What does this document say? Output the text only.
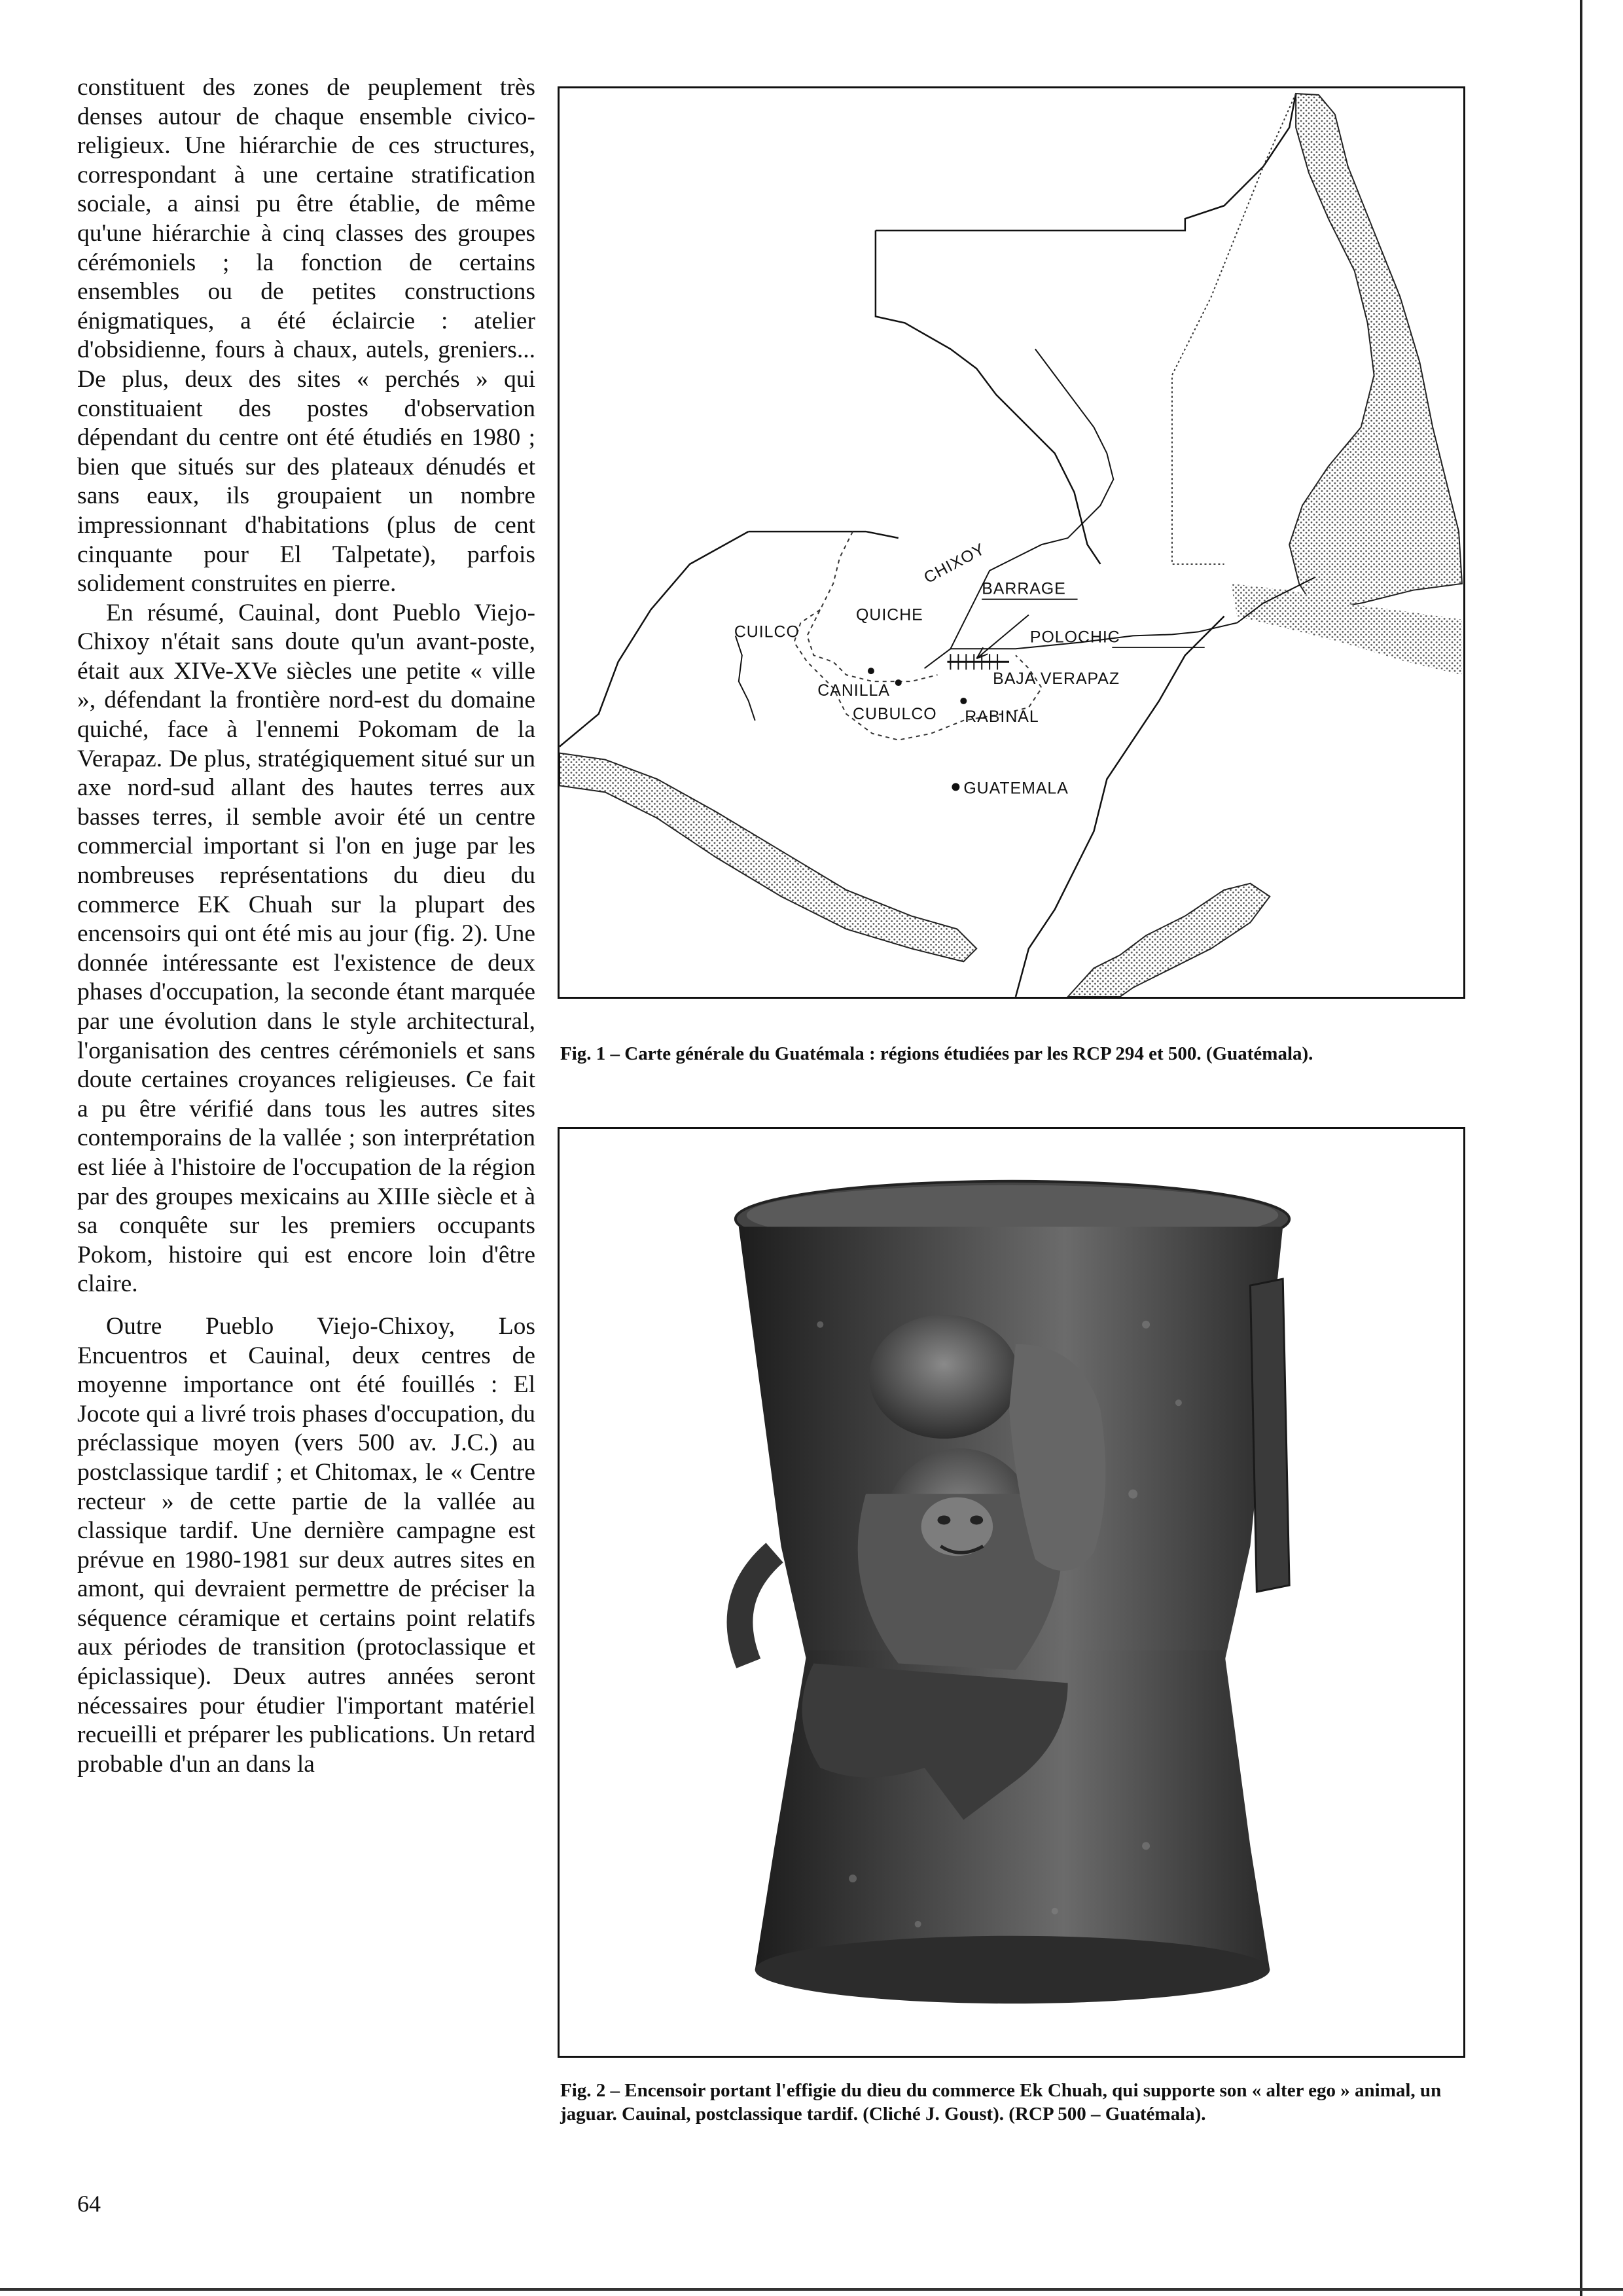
constituent des zones de peuplement très denses autour de chaque ensemble civico-religieux. Une hiérarchie de ces structures, correspondant à une certaine stratification sociale, a ainsi pu être établie, de même qu'une hiérarchie à cinq classes des groupes cérémoniels ; la fonction de certains ensembles ou de petites constructions énigmatiques, a été éclaircie : atelier d'obsidienne, fours à chaux, autels, greniers... De plus, deux des sites « perchés » qui constituaient des postes d'observation dépendant du centre ont été étudiés en 1980 ; bien que situés sur des plateaux dénudés et sans eaux, ils groupaient un nombre impressionnant d'habitations (plus de cent cinquante pour El Talpetate), parfois solidement construites en pierre.

En résumé, Cauinal, dont Pueblo Viejo-Chixoy n'était sans doute qu'un avant-poste, était aux XIVe-XVe siècles une petite « ville », défendant la frontière nord-est du domaine quiché, face à l'ennemi Pokomam de la Verapaz. De plus, stratégiquement situé sur un axe nord-sud allant des hautes terres aux basses terres, il semble avoir été un centre commercial important si l'on en juge par les nombreuses représentations du dieu du commerce EK Chuah sur la plupart des encensoirs qui ont été mis au jour (fig. 2). Une donnée intéressante est l'existence de deux phases d'occupation, la seconde étant marquée par une évolution dans le style architectural, l'organisation des centres cérémoniels et sans doute certaines croyances religieuses. Ce fait a pu être vérifié dans tous les autres sites contemporains de la vallée ; son interprétation est liée à l'histoire de l'occupation de la région par des groupes mexicains au XIIIe siècle et à sa conquête sur les premiers occupants Pokom, histoire qui est encore loin d'être claire.

Outre Pueblo Viejo-Chixoy, Los Encuentros et Cauinal, deux centres de moyenne importance ont été fouillés : El Jocote qui a livré trois phases d'occupation, du préclassique moyen (vers 500 av. J.C.) au postclassique tardif ; et Chitomax, le « Centre recteur » de cette partie de la vallée au classique tardif. Une dernière campagne est prévue en 1980-1981 sur deux autres sites en amont, qui devraient permettre de préciser la séquence céramique et certains point relatifs aux périodes de transition (protoclassique et épiclassique). Deux autres années seront nécessaires pour étudier l'important matériel recueilli et préparer les publications. Un retard probable d'un an dans la

CHIXOY
BARRAGE
QUICHE
CUILCO	POLOCHIC
BAJA VERAPAZ
CANILLA
CUBULCO RABINAL
GUATEMALA
Fig. 1 – Carte générale du Guatémala : régions étudiées par les RCP 294 et 500. (Guatémala).
Fig. 2 – Encensoir portant l'effigie du dieu du commerce Ek Chuah, qui supporte son « alter ego » animal, un jaguar. Cauinal, postclassique tardif. (Cliché J. Goust). (RCP 500 – Guatémala).
64
